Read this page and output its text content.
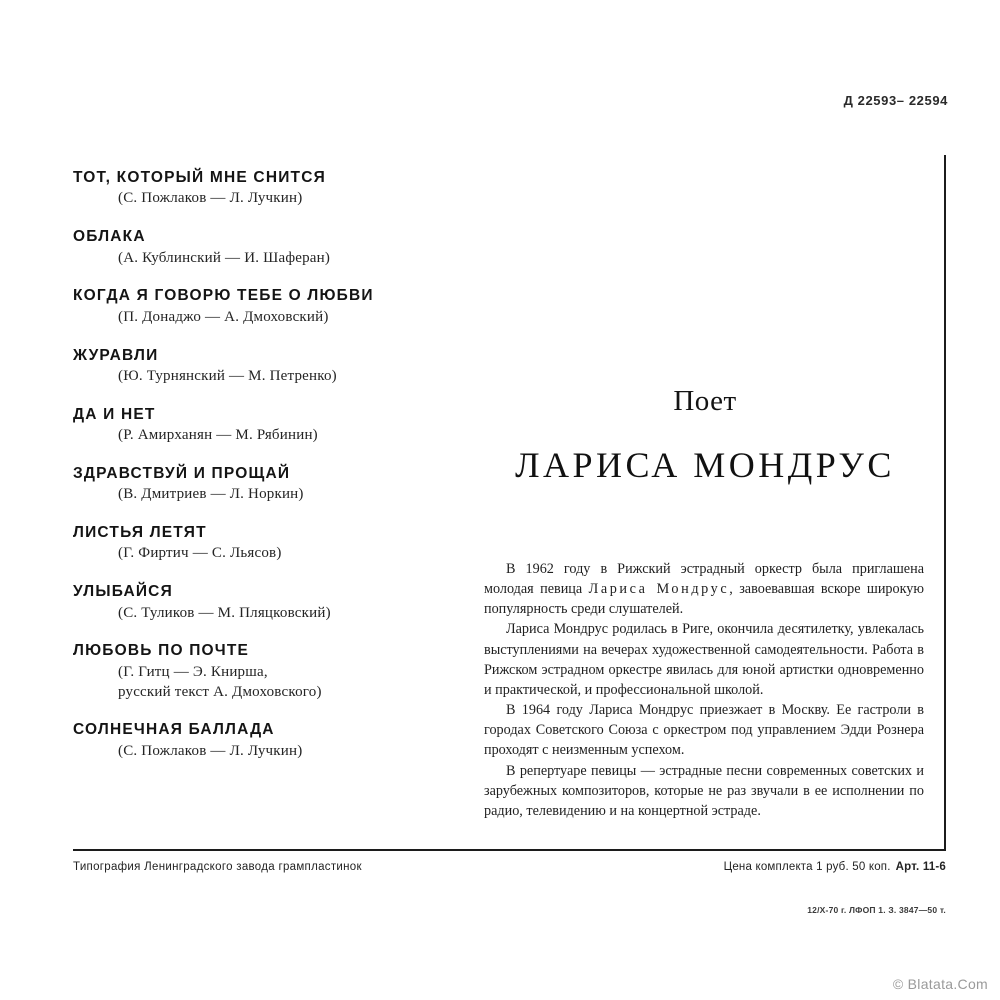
Д 22593– 22594
ТОТ, КОТОРЫЙ МНЕ СНИТСЯ
(С. Пожлаков — Л. Лучкин)
ОБЛАКА
(А. Кублинский — И. Шаферан)
КОГДА Я ГОВОРЮ ТЕБЕ О ЛЮБВИ
(П. Донаджо — А. Дмоховский)
ЖУРАВЛИ
(Ю. Турнянский — М. Петренко)
ДА И НЕТ
(Р. Амирханян — М. Рябинин)
ЗДРАВСТВУЙ И ПРОЩАЙ
(В. Дмитриев — Л. Норкин)
ЛИСТЬЯ ЛЕТЯТ
(Г. Фиртич — С. Льясов)
УЛЫБАЙСЯ
(С. Туликов — М. Пляцковский)
ЛЮБОВЬ ПО ПОЧТЕ
(Г. Гитц — Э. Книрша,
русский текст А. Дмоховского)
СОЛНЕЧНАЯ БАЛЛАДА
(С. Пожлаков — Л. Лучкин)
Поет
ЛАРИСА МОНДРУС

В 1962 году в Рижский эстрадный оркестр была приглашена молодая певица Лариса Мондрус, завоевавшая вскоре широкую популярность среди слушателей.

Лариса Мондрус родилась в Риге, окончила десятилетку, увлекалась выступлениями на вечерах художественной самодеятельности. Работа в Рижском эстрадном оркестре явилась для юной артистки одновременно и практической, и профессиональной школой.

В 1964 году Лариса Мондрус приезжает в Москву. Ее гастроли в городах Советского Союза с оркестром под управлением Эдди Рознера проходят с неизменным успехом.

В репертуаре певицы — эстрадные песни современных советских и зарубежных композиторов, которые не раз звучали в ее исполнении по радио, телевидению и на концертной эстраде.

Типография Ленинградского завода грампластинок	Цена комплекта 1 руб. 50 коп. Арт. 11-6
12/X-70 г. ЛФОП 1. З. 3847—50 т.
© Blatata.Com
